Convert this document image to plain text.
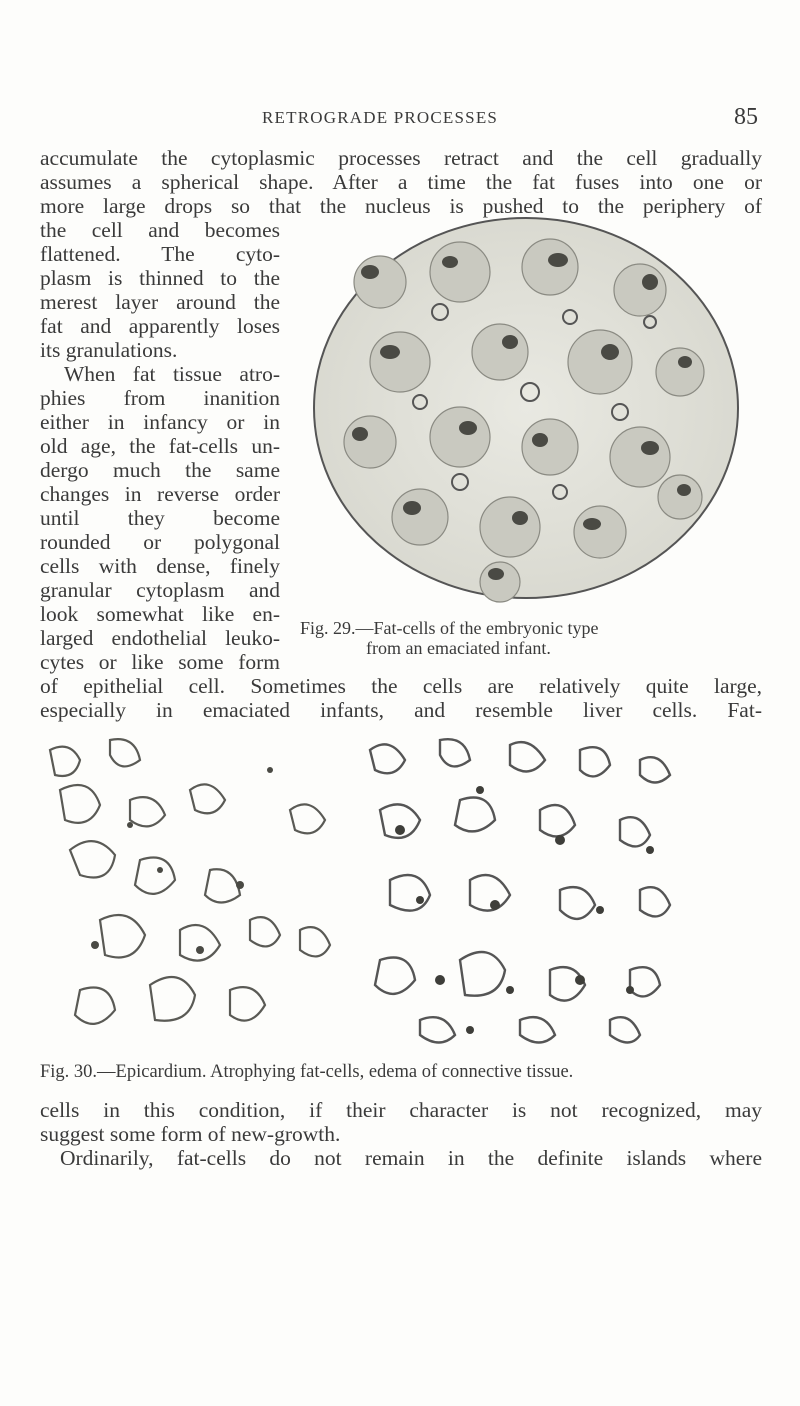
RETROGRADE PROCESSES	85
accumulate the cytoplasmic processes retract and the cell gradually
assumes a spherical shape. After a time the fat fuses into one or
more large drops so that the nucleus is pushed to the periphery of
the cell and becomes
flattened. The cyto-
plasm is thinned to the
merest layer around the
fat and apparently loses
its granulations.
When fat tissue atro-
phies from inanition
either in infancy or in
old age, the fat-cells un-
dergo much the same
changes in reverse order
until they become
rounded or polygonal
cells with dense, finely
granular cytoplasm and
look somewhat like en-
larged endothelial leuko-
cytes or like some form
Fig. 29.—Fat-cells of the embryonic type
from an emaciated infant.
of epithelial cell. Sometimes the cells are relatively quite large,
especially in emaciated infants, and resemble liver cells. Fat-
Fig. 30.—Epicardium. Atrophying fat-cells, edema of connective tissue.
cells in this condition, if their character is not recognized, may
suggest some form of new-growth.
Ordinarily, fat-cells do not remain in the definite islands where
